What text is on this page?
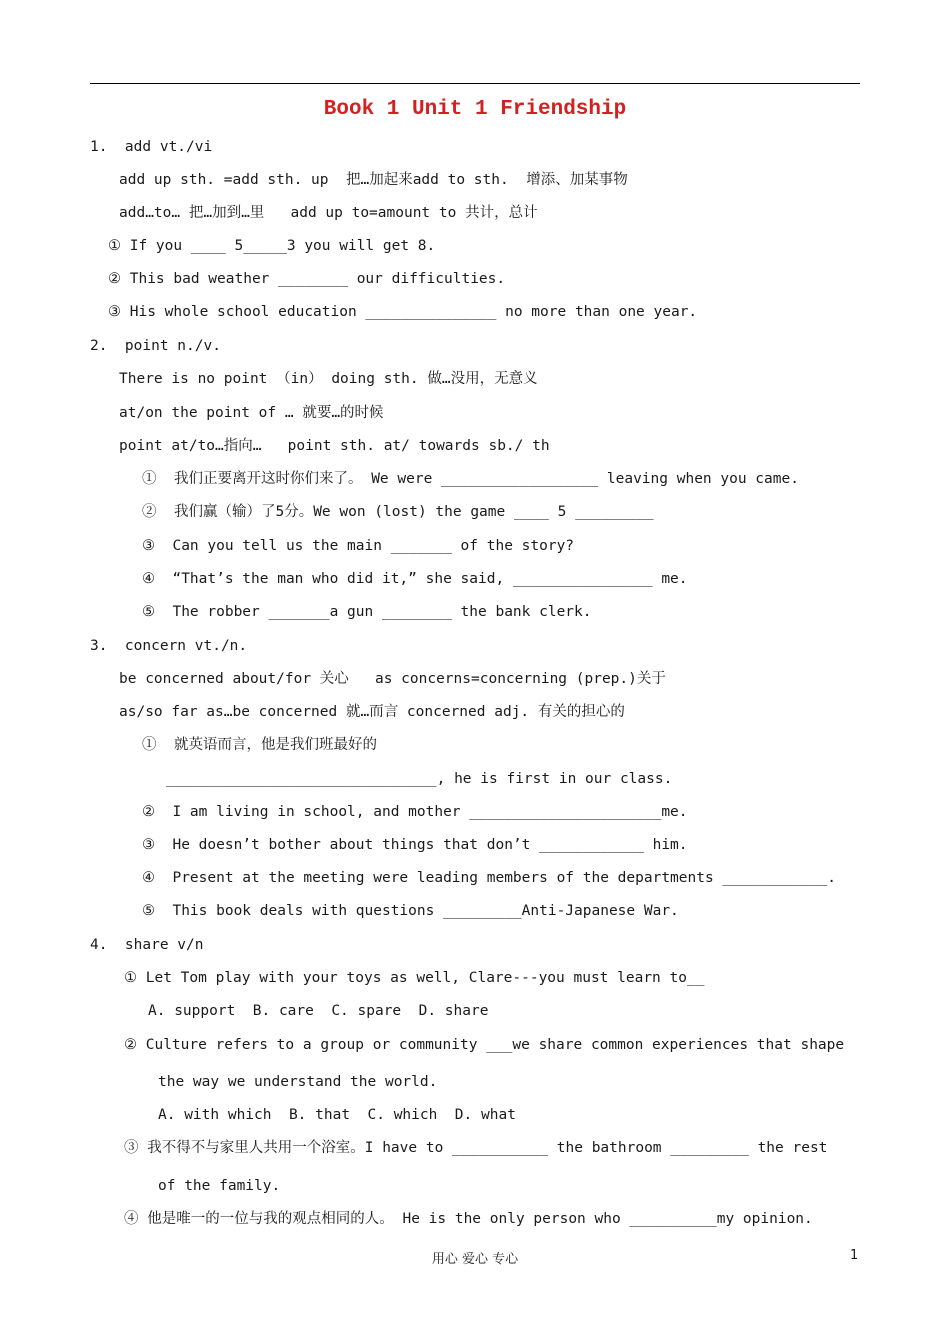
Book 1 Unit 1 Friendship
1.  add vt./vi
add up sth. =add sth. up  把…加起来add to sth.  增添、加某事物
add…to… 把…加到…里   add up to=amount to 共计，总计
① If you ____ 5_____3 you will get 8.
② This bad weather ________ our difficulties.
③ His whole school education _______________ no more than one year.
2.  point n./v.
There is no point （in） doing sth. 做…没用，无意义
at/on the point of … 就要…的时候
point at/to…指向…   point sth. at/ towards sb./ th
①  我们正要离开这时你们来了。 We were __________________ leaving when you came.
②  我们赢（输）了5分。We won (lost) the game ____ 5 _________
③  Can you tell us the main _______ of the story?
④  “That’s the man who did it,” she said, ________________ me.
⑤  The robber _______a gun ________ the bank clerk.
3.  concern vt./n.
be concerned about/for 关心   as concerns=concerning (prep.)关于
as/so far as…be concerned 就…而言 concerned adj. 有关的担心的
①  就英语而言，他是我们班最好的
_______________________________, he is first in our class.
②  I am living in school, and mother ______________________me.
③  He doesn’t bother about things that don’t ____________ him.
④  Present at the meeting were leading members of the departments ____________.
⑤  This book deals with questions _________Anti-Japanese War.
4.  share v/n
① Let Tom play with your toys as well, Clare---you must learn to__
A. support  B. care  C. spare  D. share
② Culture refers to a group or community ___we share common experiences that shape
the way we understand the world.
A. with which  B. that  C. which  D. what
③ 我不得不与家里人共用一个浴室。I have to ___________ the bathroom _________ the rest
of the family.
④ 他是唯一的一位与我的观点相同的人。 He is the only person who __________my opinion.
用心 爱心 专心	1
